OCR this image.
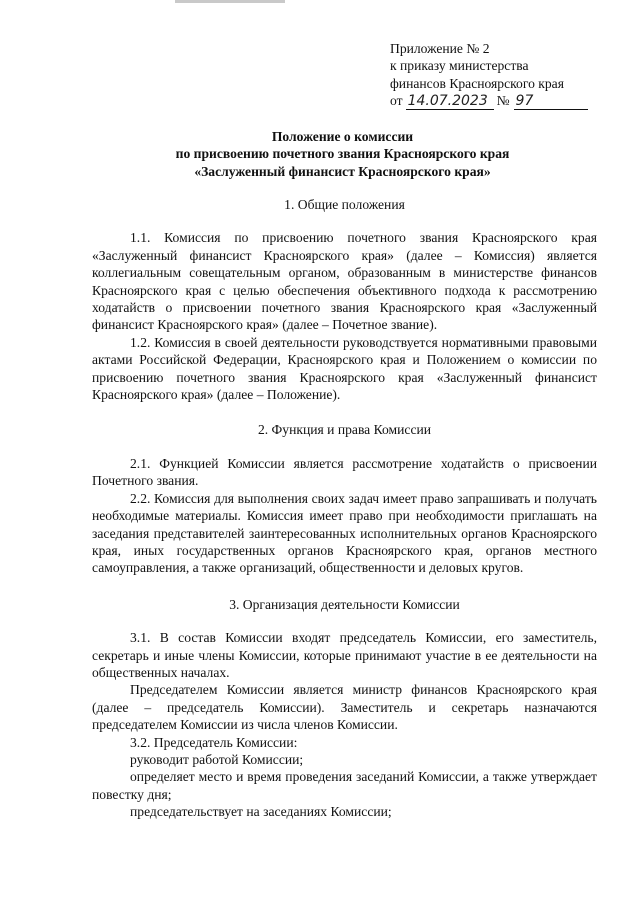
Приложение № 2
к приказу министерства
финансов Красноярского края
от 14.07.2023 № 97
Положение о комиссии
по присвоению почетного звания Красноярского края
«Заслуженный финансист Красноярского края»
1. Общие положения

1.1. Комиссия по присвоению почетного звания Красноярского края «Заслуженный финансист Красноярского края» (далее – Комиссия) является коллегиальным совещательным органом, образованным в министерстве финансов Красноярского края с целью обеспечения объективного подхода к рассмотрению ходатайств о присвоении почетного звания Красноярского края «Заслуженный финансист Красноярского края» (далее – Почетное звание).

1.2. Комиссия в своей деятельности руководствуется нормативными правовыми актами Российской Федерации, Красноярского края и Положением о комиссии по присвоению почетного звания Красноярского края «Заслуженный финансист Красноярского края» (далее – Положение).

2. Функция и права Комиссии

2.1. Функцией Комиссии является рассмотрение ходатайств о присвоении Почетного звания.

2.2. Комиссия для выполнения своих задач имеет право запрашивать и получать необходимые материалы. Комиссия имеет право при необходимости приглашать на заседания представителей заинтересованных исполнительных органов Красноярского края, иных государственных органов Красноярского края, органов местного самоуправления, а также организаций, общественности и деловых кругов.

3. Организация деятельности Комиссии

3.1. В состав Комиссии входят председатель Комиссии, его заместитель, секретарь и иные члены Комиссии, которые принимают участие в ее деятельности на общественных началах.

Председателем Комиссии является министр финансов Красноярского края (далее – председатель Комиссии). Заместитель и секретарь назначаются председателем Комиссии из числа членов Комиссии.

3.2. Председатель Комиссии:

руководит работой Комиссии;

определяет место и время проведения заседаний Комиссии, а также утверждает повестку дня;

председательствует на заседаниях Комиссии;
